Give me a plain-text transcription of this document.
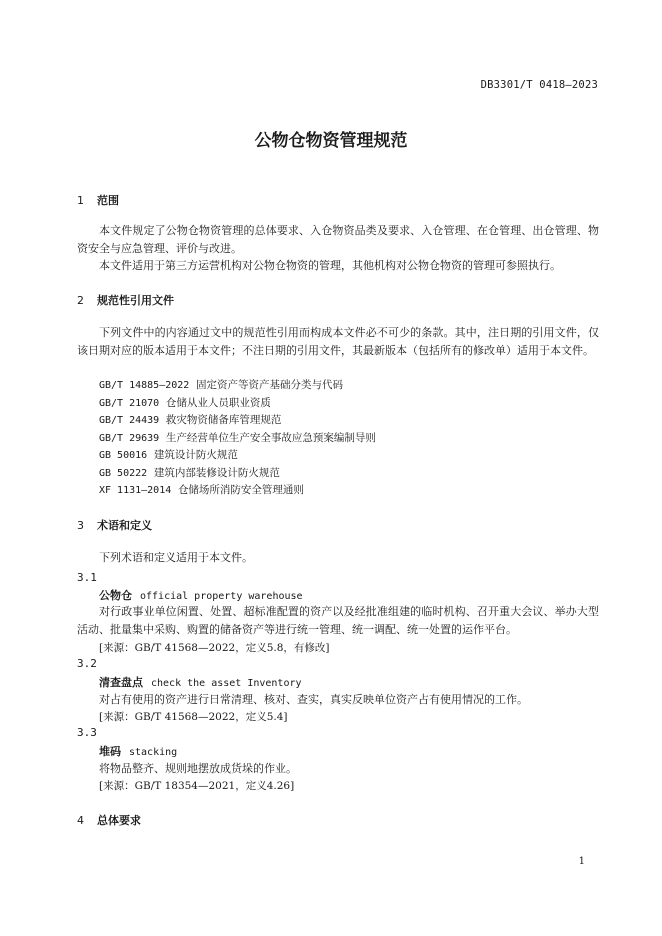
DB3301/T 0418—2023
公物仓物资管理规范
1 范围

本文件规定了公物仓物资管理的总体要求、入仓物资品类及要求、入仓管理、在仓管理、出仓管理、物资安全与应急管理、评价与改进。

本文件适用于第三方运营机构对公物仓物资的管理，其他机构对公物仓物资的管理可参照执行。

2 规范性引用文件

下列文件中的内容通过文中的规范性引用而构成本文件必不可少的条款。其中，注日期的引用文件，仅该日期对应的版本适用于本文件；不注日期的引用文件，其最新版本（包括所有的修改单）适用于本文件。

GB/T 14885—2022 固定资产等资产基础分类与代码
GB/T 21070 仓储从业人员职业资质
GB/T 24439 救灾物资储备库管理规范
GB/T 29639 生产经营单位生产安全事故应急预案编制导则
GB 50016 建筑设计防火规范
GB 50222 建筑内部装修设计防火规范
XF 1131—2014 仓储场所消防安全管理通则
3 术语和定义

下列术语和定义适用于本文件。

3.1
公物仓 official property warehouse

对行政事业单位闲置、处置、超标准配置的资产以及经批准组建的临时机构、召开重大会议、举办大型活动、批量集中采购、购置的储备资产等进行统一管理、统一调配、统一处置的运作平台。

[来源：GB/T 41568—2022，定义5.8，有修改]
3.2
清查盘点 check the asset Inventory
对占有使用的资产进行日常清理、核对、查实，真实反映单位资产占有使用情况的工作。
[来源：GB/T 41568—2022，定义5.4]
3.3
堆码 stacking
将物品整齐、规则地摆放成货垛的作业。
[来源：GB/T 18354—2021，定义4.26]
4 总体要求
1
